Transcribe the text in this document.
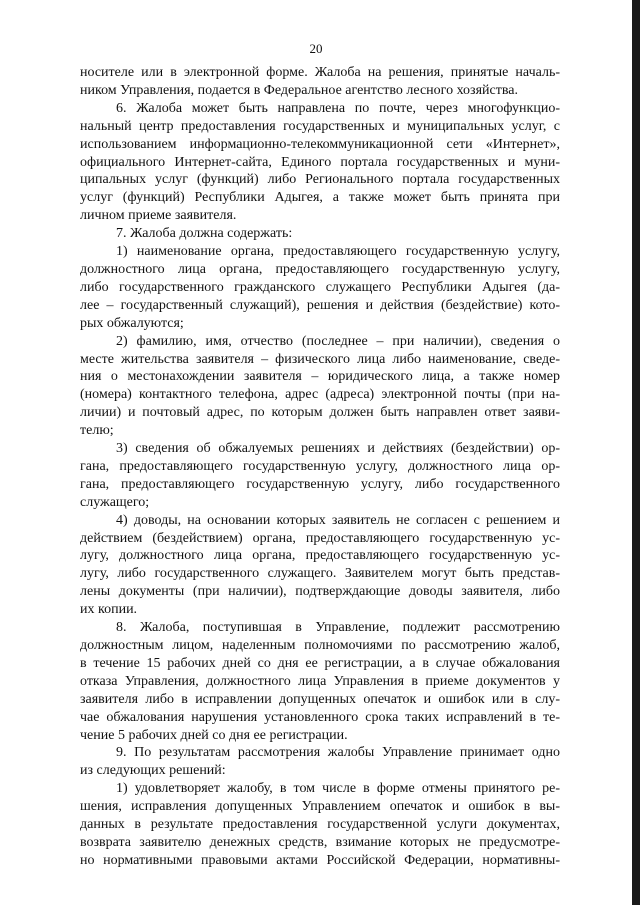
20
носителе или в электронной форме. Жалоба на решения, принятые началь-
ником Управления, подается в Федеральное агентство лесного хозяйства.
6. Жалоба может быть направлена по почте, через многофункцио-
нальный центр предоставления государственных и муниципальных услуг, с
использованием информационно-телекоммуникационной сети «Интернет»,
официального Интернет-сайта, Единого портала государственных и муни-
ципальных услуг (функций) либо Регионального портала государственных
услуг (функций) Республики Адыгея, а также может быть принята при
личном приеме заявителя.
7. Жалоба должна содержать:
1) наименование органа, предоставляющего государственную услугу,
должностного лица органа, предоставляющего государственную услугу,
либо государственного гражданского служащего Республики Адыгея (да-
лее – государственный служащий), решения и действия (бездействие) кото-
рых обжалуются;
2) фамилию, имя, отчество (последнее – при наличии), сведения о
месте жительства заявителя – физического лица либо наименование, сведе-
ния о местонахождении заявителя – юридического лица, а также номер
(номера) контактного телефона, адрес (адреса) электронной почты (при на-
личии) и почтовый адрес, по которым должен быть направлен ответ заяви-
телю;
3) сведения об обжалуемых решениях и действиях (бездействии) ор-
гана, предоставляющего государственную услугу, должностного лица ор-
гана, предоставляющего государственную услугу, либо государственного
служащего;
4) доводы, на основании которых заявитель не согласен с решением и
действием (бездействием) органа, предоставляющего государственную ус-
лугу, должностного лица органа, предоставляющего государственную ус-
лугу, либо государственного служащего. Заявителем могут быть представ-
лены документы (при наличии), подтверждающие доводы заявителя, либо
их копии.
8. Жалоба, поступившая в Управление, подлежит рассмотрению
должностным лицом, наделенным полномочиями по рассмотрению жалоб,
в течение 15 рабочих дней со дня ее регистрации, а в случае обжалования
отказа Управления, должностного лица Управления в приеме документов у
заявителя либо в исправлении допущенных опечаток и ошибок или в слу-
чае обжалования нарушения установленного срока таких исправлений в те-
чение 5 рабочих дней со дня ее регистрации.
9. По результатам рассмотрения жалобы Управление принимает одно
из следующих решений:
1) удовлетворяет жалобу, в том числе в форме отмены принятого ре-
шения, исправления допущенных Управлением опечаток и ошибок в вы-
данных в результате предоставления государственной услуги документах,
возврата заявителю денежных средств, взимание которых не предусмотре-
но нормативными правовыми актами Российской Федерации, нормативны-
